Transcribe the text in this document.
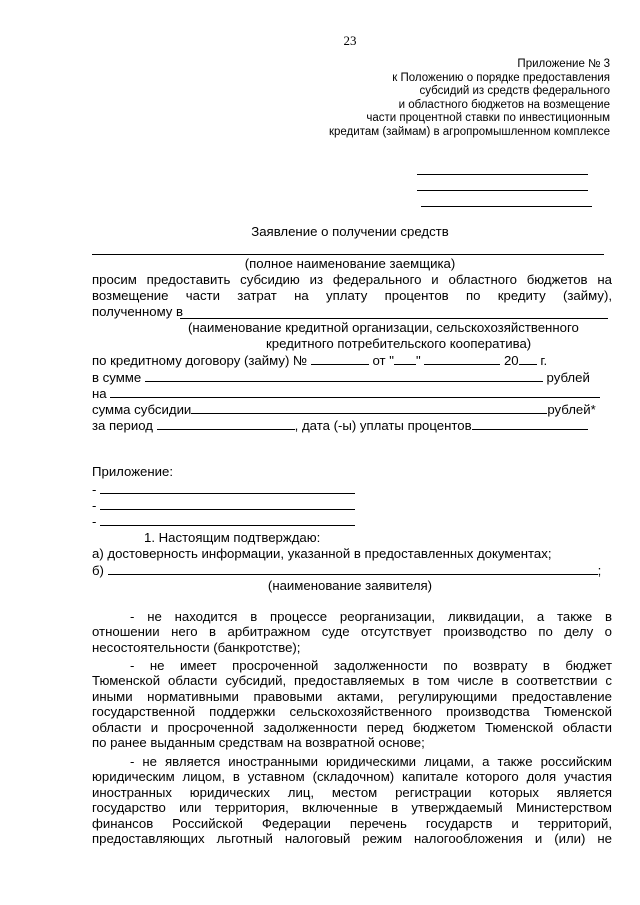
23
Приложение № 3
к Положению о порядке предоставления
субсидий из средств федерального
и областного бюджетов на возмещение
части процентной ставки по инвестиционным
кредитам (займам) в агропромышленном комплексе
Заявление о получении средств
(полное наименование заемщика)
просим предоставить субсидию из федерального и областного бюджетов на
возмещение части затрат на уплату процентов по кредиту (займу),
полученному в
(наименование кредитной организации, сельскохозяйственного
кредитного потребительского кооператива)
по кредитному договору (займу) №	от " "	20 г.
в сумме	рублей
на
сумма субсидии	рублей*
за период	, дата (-ы) уплаты процентов
Приложение:
-
-
-
1. Настоящим подтверждаю:
а) достоверность информации, указанной в предоставленных документах;
б)	;
(наименование заявителя)
- не находится в процессе реорганизации, ликвидации, а также в
отношении него в арбитражном суде отсутствует производство по делу о
несостоятельности (банкротстве);
- не имеет просроченной задолженности по возврату в бюджет
Тюменской области субсидий, предоставляемых в том числе в соответствии с
иными нормативными правовыми актами, регулирующими предоставление
государственной поддержки сельскохозяйственного производства Тюменской
области и просроченной задолженности перед бюджетом Тюменской области
по ранее выданным средствам на возвратной основе;
- не является иностранными юридическими лицами, а также российским
юридическим лицом, в уставном (складочном) капитале которого доля участия
иностранных юридических лиц, местом регистрации которых является
государство или территория, включенные в утверждаемый Министерством
финансов Российской Федерации перечень государств и территорий,
предоставляющих льготный налоговый режим налогообложения и (или) не
